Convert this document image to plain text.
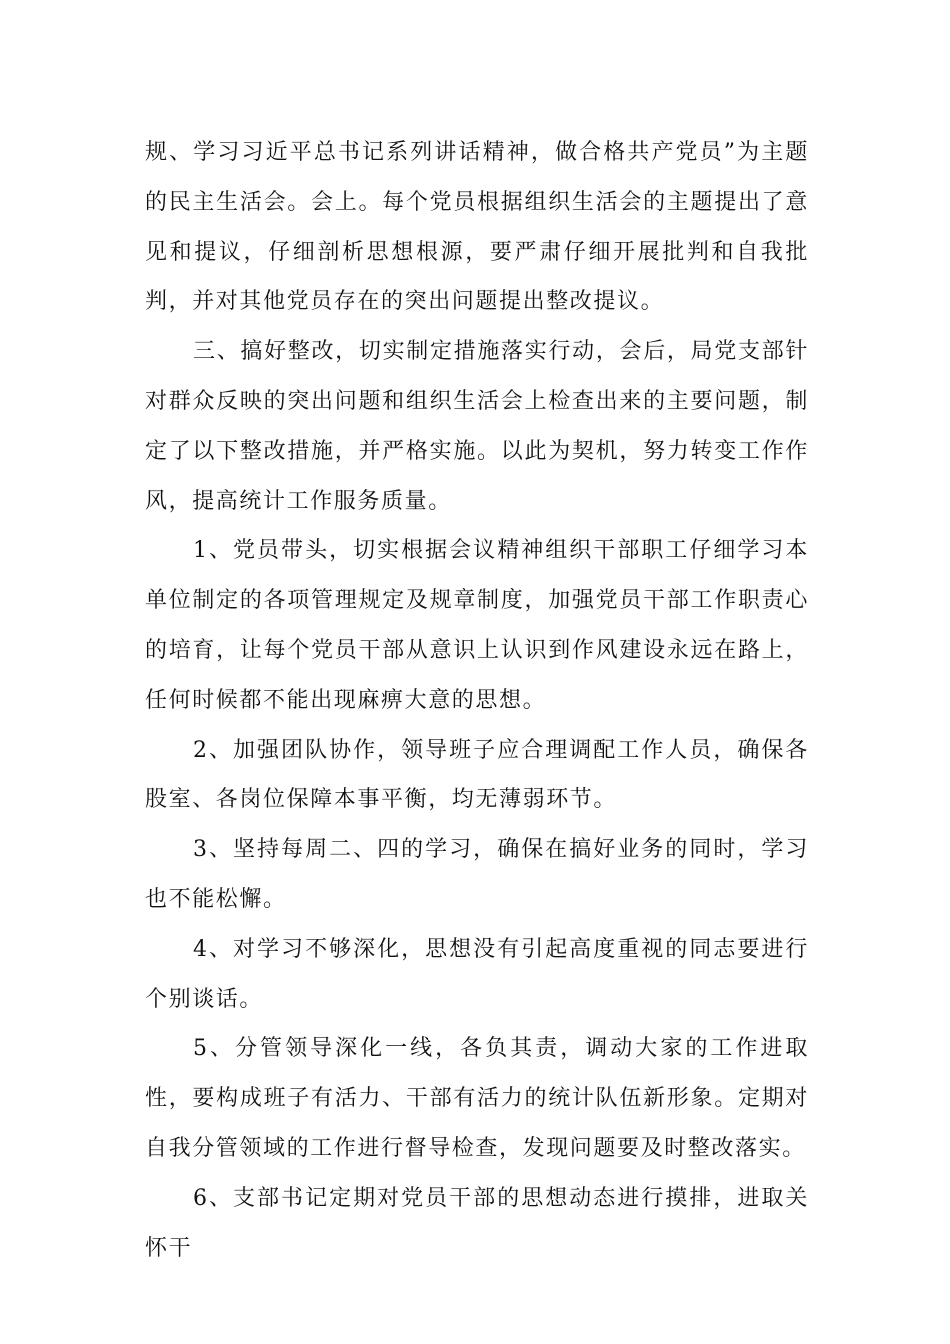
规、学习习近平总书记系列讲话精神，做合格共产党员”为主题的民主生活会。会上。每个党员根据组织生活会的主题提出了意见和提议，仔细剖析思想根源，要严肃仔细开展批判和自我批判，并对其他党员存在的突出问题提出整改提议。

三、搞好整改，切实制定措施落实行动，会后，局党支部针对群众反映的突出问题和组织生活会上检查出来的主要问题，制定了以下整改措施，并严格实施。以此为契机，努力转变工作作风，提高统计工作服务质量。

1、党员带头，切实根据会议精神组织干部职工仔细学习本单位制定的各项管理规定及规章制度，加强党员干部工作职责心的培育，让每个党员干部从意识上认识到作风建设永远在路上，任何时候都不能出现麻痹大意的思想。

2、加强团队协作，领导班子应合理调配工作人员，确保各股室、各岗位保障本事平衡，均无薄弱环节。

3、坚持每周二、四的学习，确保在搞好业务的同时，学习也不能松懈。

4、对学习不够深化，思想没有引起高度重视的同志要进行个别谈话。

5、分管领导深化一线，各负其责，调动大家的工作进取性，要构成班子有活力、干部有活力的统计队伍新形象。定期对自我分管领域的工作进行督导检查，发现问题要及时整改落实。

6、支部书记定期对党员干部的思想动态进行摸排，进取关怀干
